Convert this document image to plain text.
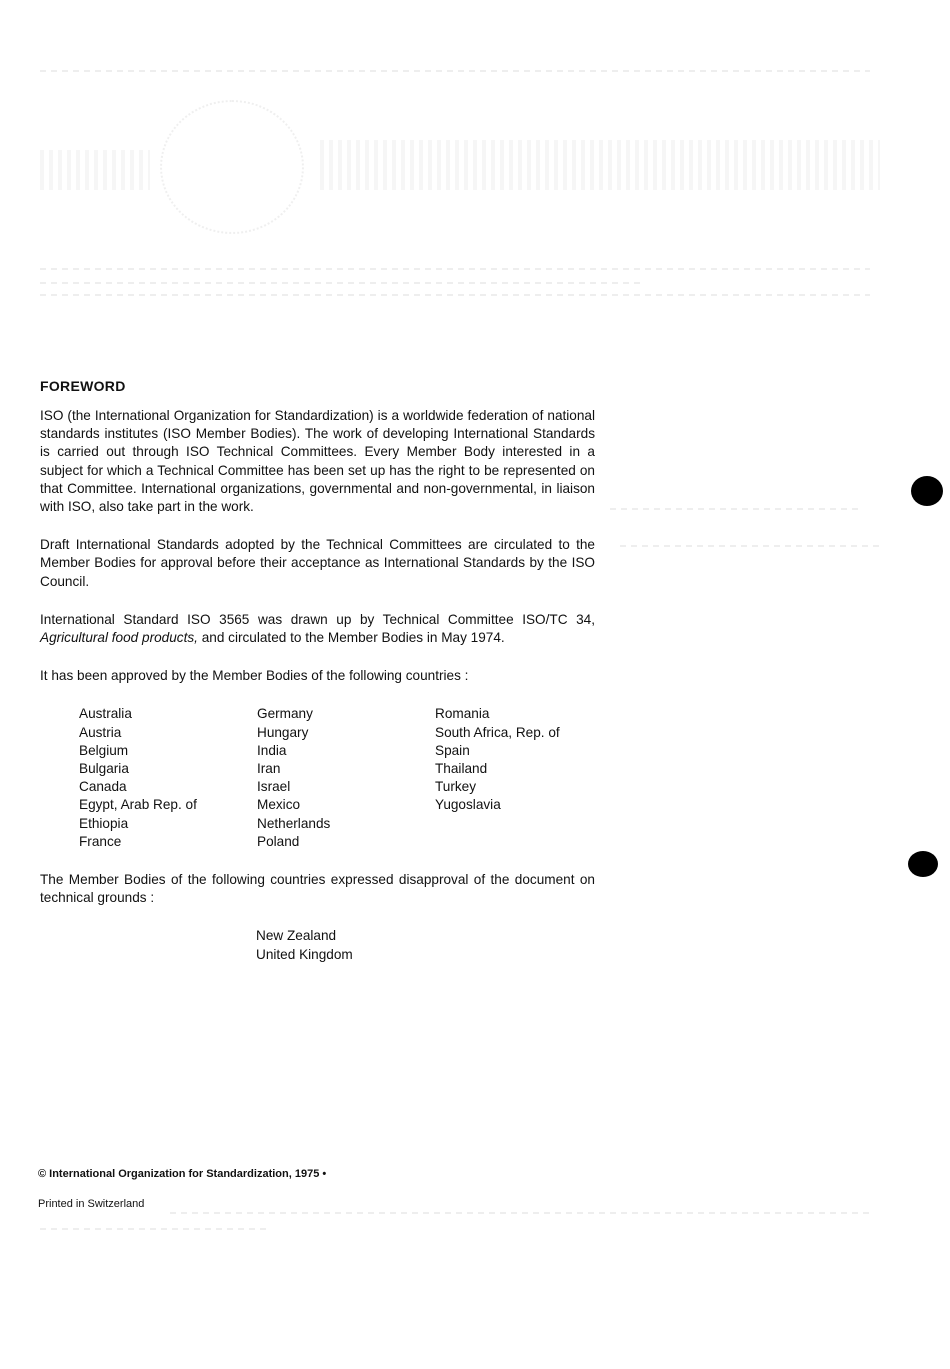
FOREWORD

ISO (the International Organization for Standardization) is a worldwide federation of national standards institutes (ISO Member Bodies). The work of developing International Standards is carried out through ISO Technical Committees. Every Member Body interested in a subject for which a Technical Committee has been set up has the right to be represented on that Committee. International organizations, governmental and non-governmental, in liaison with ISO, also take part in the work.

Draft International Standards adopted by the Technical Committees are circulated to the Member Bodies for approval before their acceptance as International Standards by the ISO Council.

International Standard ISO 3565 was drawn up by Technical Committee ISO/TC 34, Agricultural food products, and circulated to the Member Bodies in May 1974.

It has been approved by the Member Bodies of the following countries :

Australia
Austria
Belgium
Bulgaria
Canada
Egypt, Arab Rep. of
Ethiopia
France
Germany
Hungary
India
Iran
Israel
Mexico
Netherlands
Poland
Romania
South Africa, Rep. of
Spain
Thailand
Turkey
Yugoslavia

The Member Bodies of the following countries expressed disapproval of the document on technical grounds :

New Zealand
United Kingdom
© International Organization for Standardization, 1975 •
Printed in Switzerland
